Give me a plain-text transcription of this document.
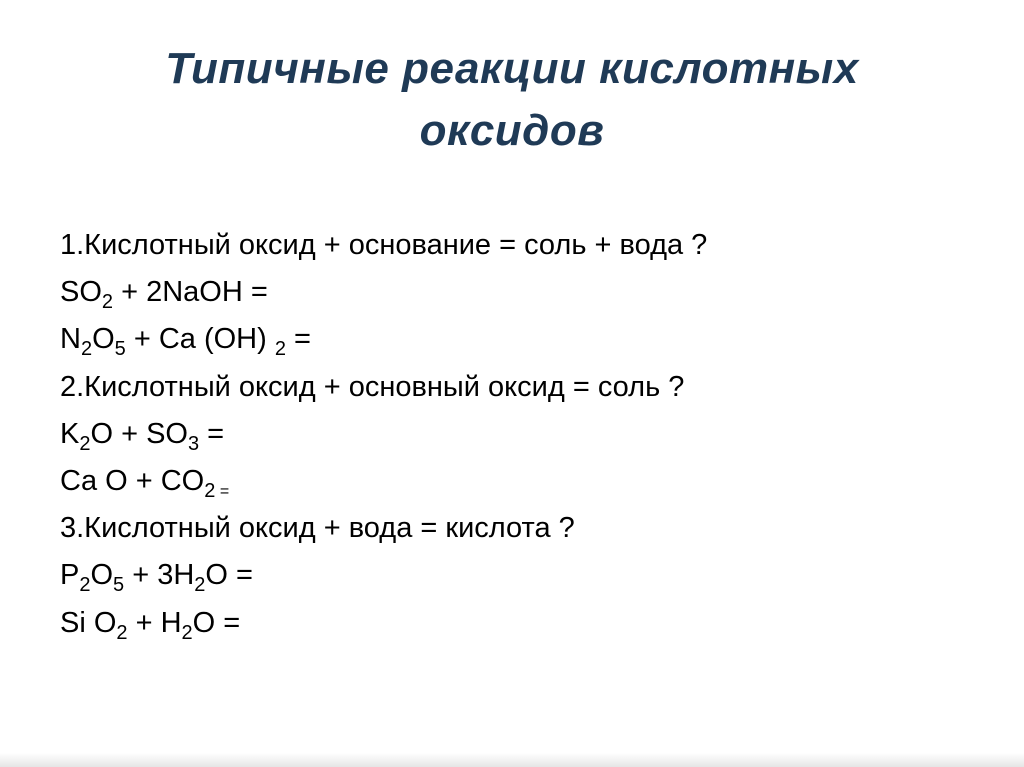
Типичные реакции кислотных
оксидов
1.Кислотный оксид + основание = соль + вода ?
$SO_2$ + 2NaOH =
$N_2O_5 + Ca$ (OH) $_2$ =
2.Кислотный оксид + основный оксид = соль ?
$K_2O + SO_3$ =
Ca $O + CO_2$ $_=$
3.Кислотный оксид + вода = кислота ?
$P_2O_5 + 3H_2O$ =
Si $O_2 + H_2O$ =
